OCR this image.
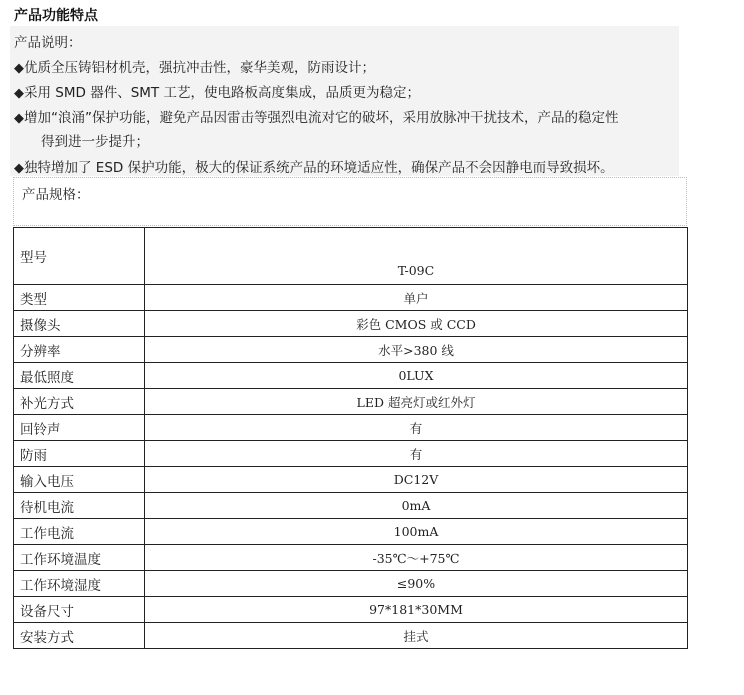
产品功能特点
产品说明：
◆优质全压铸铝材机壳，强抗冲击性，豪华美观，防雨设计；
◆采用 SMD 器件、SMT 工艺，使电路板高度集成，品质更为稳定；
◆增加“浪涌”保护功能，避免产品因雷击等强烈电流对它的破坏，采用放脉冲干扰技术，产品的稳定性
得到进一步提升；
◆独特增加了 ESD 保护功能，极大的保证系统产品的环境适应性，确保产品不会因静电而导致损坏。
产品规格：
型号	T-09C
类型	单户
摄像头	彩色 CMOS 或 CCD
分辨率	水平>380 线
最低照度	0LUX
补光方式	LED 超亮灯或红外灯
回铃声	有
防雨	有
输入电压	DC12V
待机电流	0mA
工作电流	100mA
工作环境温度	-35℃～+75℃
工作环境湿度	≤90%
设备尺寸	97*181*30MM
安装方式	挂式
